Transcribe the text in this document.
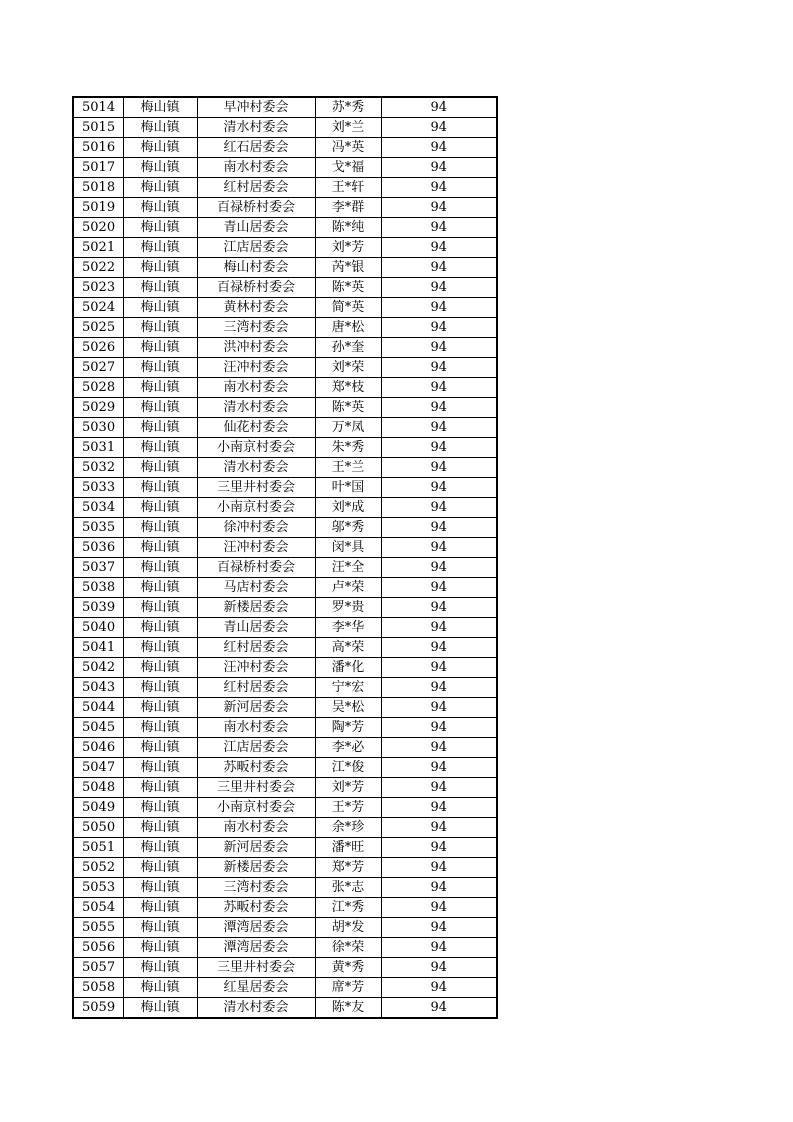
5014	梅山镇	早冲村委会	苏*秀	94
5015	梅山镇	清水村委会	刘*兰	94
5016	梅山镇	红石居委会	冯*英	94
5017	梅山镇	南水村委会	戈*福	94
5018	梅山镇	红村居委会	王*轩	94
5019	梅山镇	百禄桥村委会	李*群	94
5020	梅山镇	青山居委会	陈*纯	94
5021	梅山镇	江店居委会	刘*芳	94
5022	梅山镇	梅山村委会	芮*银	94
5023	梅山镇	百禄桥村委会	陈*英	94
5024	梅山镇	黄林村委会	简*英	94
5025	梅山镇	三湾村委会	唐*松	94
5026	梅山镇	洪冲村委会	孙*奎	94
5027	梅山镇	汪冲村委会	刘*荣	94
5028	梅山镇	南水村委会	郑*枝	94
5029	梅山镇	清水村委会	陈*英	94
5030	梅山镇	仙花村委会	万*凤	94
5031	梅山镇	小南京村委会	朱*秀	94
5032	梅山镇	清水村委会	王*兰	94
5033	梅山镇	三里井村委会	叶*国	94
5034	梅山镇	小南京村委会	刘*成	94
5035	梅山镇	徐冲村委会	邬*秀	94
5036	梅山镇	汪冲村委会	闵*具	94
5037	梅山镇	百禄桥村委会	汪*全	94
5038	梅山镇	马店村委会	卢*荣	94
5039	梅山镇	新楼居委会	罗*贵	94
5040	梅山镇	青山居委会	李*华	94
5041	梅山镇	红村居委会	高*荣	94
5042	梅山镇	汪冲村委会	潘*化	94
5043	梅山镇	红村居委会	宁*宏	94
5044	梅山镇	新河居委会	吴*松	94
5045	梅山镇	南水村委会	陶*芳	94
5046	梅山镇	江店居委会	李*必	94
5047	梅山镇	苏畈村委会	江*俊	94
5048	梅山镇	三里井村委会	刘*芳	94
5049	梅山镇	小南京村委会	王*芳	94
5050	梅山镇	南水村委会	余*珍	94
5051	梅山镇	新河居委会	潘*旺	94
5052	梅山镇	新楼居委会	郑*芳	94
5053	梅山镇	三湾村委会	张*志	94
5054	梅山镇	苏畈村委会	江*秀	94
5055	梅山镇	潭湾居委会	胡*发	94
5056	梅山镇	潭湾居委会	徐*荣	94
5057	梅山镇	三里井村委会	黄*秀	94
5058	梅山镇	红星居委会	席*芳	94
5059	梅山镇	清水村委会	陈*友	94
